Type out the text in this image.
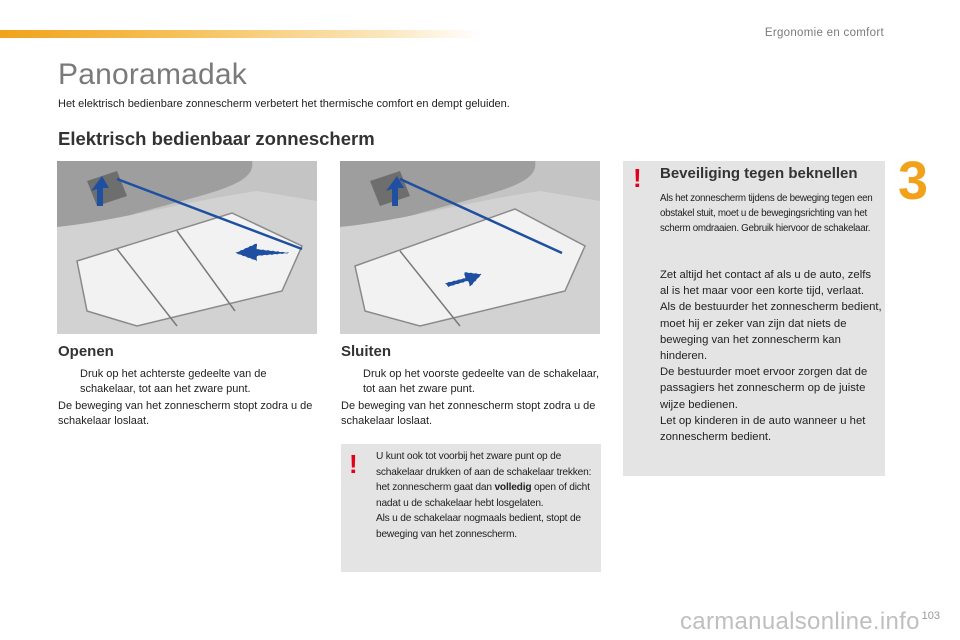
Ergonomie en comfort
3
Panoramadak
Het elektrisch bedienbare zonnescherm verbetert het thermische comfort en dempt geluiden.
Elektrisch bedienbaar zonnescherm
Openen
Druk op het achterste gedeelte van de schakelaar, tot aan het zware punt.
De beweging van het zonnescherm stopt zodra u de schakelaar loslaat.
Sluiten
Druk op het voorste gedeelte van de schakelaar, tot aan het zware punt.
De beweging van het zonnescherm stopt zodra u de schakelaar loslaat.
! U kunt ook tot voorbij het zware punt op de schakelaar drukken of aan de schakelaar trekken: het zonnescherm gaat dan volledig open of dicht nadat u de schakelaar hebt losgelaten.
Als u de schakelaar nogmaals bedient, stopt de beweging van het zonnescherm.
! Beveiliging tegen beknellen
Als het zonnescherm tijdens de beweging tegen een obstakel stuit, moet u de bewegingsrichting van het scherm omdraaien. Gebruik hiervoor de schakelaar.
Zet altijd het contact af als u de auto, zelfs al is het maar voor een korte tijd, verlaat.
Als de bestuurder het zonnescherm bedient, moet hij er zeker van zijn dat niets de beweging van het zonnescherm kan hinderen.
De bestuurder moet ervoor zorgen dat de passagiers het zonnescherm op de juiste wijze bedienen.
Let op kinderen in de auto wanneer u het zonnescherm bedient.
carmanualsonline.info 103
